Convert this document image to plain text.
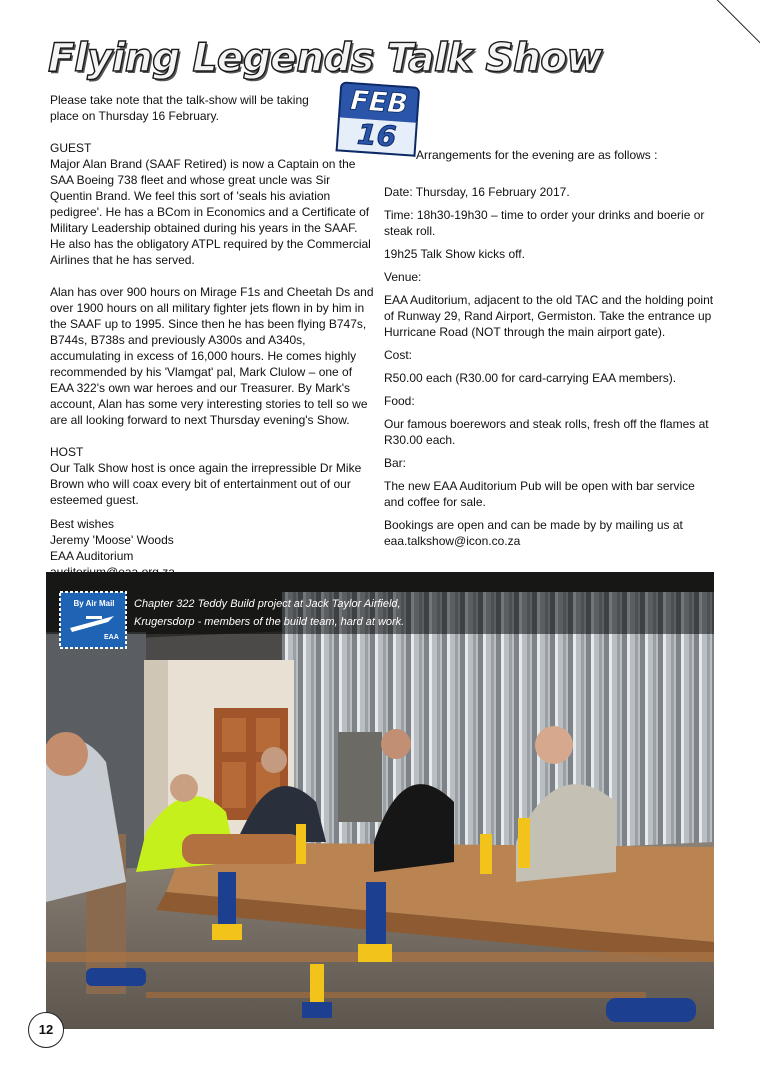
Flying Legends Talk Show
FEB
16

Please take note that the talk-show will be taking place on Thursday 16 February.

GUEST

Major Alan Brand (SAAF Retired) is now a Captain on the SAA Boeing 738 fleet and whose great uncle was Sir Quentin Brand. We feel this sort of 'seals his aviation pedigree'. He has a BCom in Economics and a Certificate of Military Leadership obtained during his years in the SAAF. He also has the obligatory ATPL required by the Commercial Airlines that he has served.

Alan has over 900 hours on Mirage F1s and Cheetah Ds and over 1900 hours on all military fighter jets flown in by him in the SAAF up to 1995. Since then he has been flying B747s, B744s, B738s and previously A300s and A340s, accumulating in excess of 16,000 hours. He comes highly recommended by his 'Vlamgat' pal, Mark Clulow – one of EAA 322's own war heroes and our Treasurer. By Mark's account, Alan has some very interesting stories to tell so we are all looking forward to next Thursday evening's Show.

HOST

Our Talk Show host is once again the irrepressible Dr Mike Brown who will coax every bit of entertainment out of our esteemed guest.

Best wishes

Jeremy 'Moose' Woods

EAA Auditorium

Arrangements for the evening are as follows :

Date: Thursday, 16 February 2017.

Time: 18h30-19h30 – time to order your drinks and boerie or steak roll.

19h25 Talk Show kicks off.

Venue:

EAA Auditorium, adjacent to the old TAC and the holding point of Runway 29, Rand Airport, Germiston. Take the entrance up Hurricane Road (NOT through the main airport gate).

Cost:

R50.00 each (R30.00 for card-carrying EAA members).

Food:

Our famous boerewors and steak rolls, fresh off the flames at R30.00 each.

Bar:

The new EAA Auditorium Pub will be open with bar service and coffee for sale.

Bookings are open and can be made by by mailing us at eaa.talkshow@icon.co.za

By Air Mail
EAA
Chapter 322 Teddy Build project at Jack Taylor Airfield,
Krugersdorp - members of the build team, hard at work.
12
